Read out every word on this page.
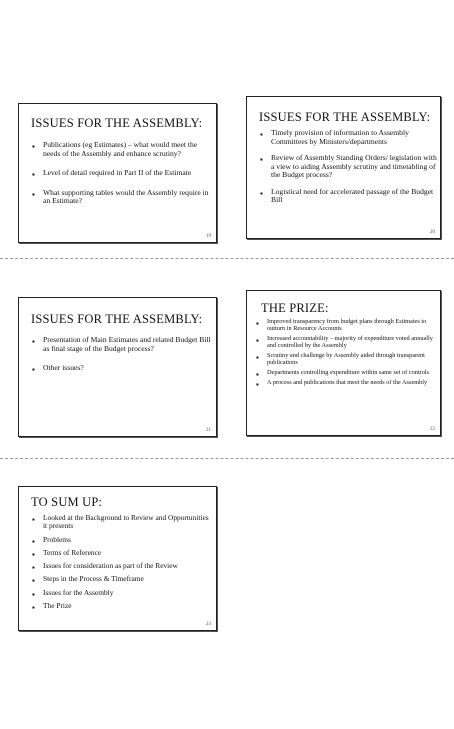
ISSUES FOR THE ASSEMBLY:
▪ Publications (eg Estimates) – what would meet the needs of the Assembly and enhance scrutiny?
▪ Level of detail required in Part II of the Estimate
▪ What supporting tables would the Assembly require in an Estimate?
19
ISSUES FOR THE ASSEMBLY:
▪ Timely provision of information to Assembly Committees by Ministers/departments
▪ Review of Assembly Standing Orders/ legislation with a view to aiding Assembly scrutiny and timetabling of the Budget process?
▪ Logistical need for accelerated passage of the Budget Bill
20
ISSUES FOR THE ASSEMBLY:
▪ Presentation of Main Estimates and related Budget Bill as final stage of the Budget process?
▪ Other issues?
21
THE PRIZE:
▪ Improved transparency from budget plans through Estimates to outturn in Resource Accounts
▪ Increased accountability – majority of expenditure voted annually and controlled by the Assembly
▪ Scrutiny and challenge by Assembly aided through transparent publications
▪ Departments controlling expenditure within same set of controls
▪ A process and publications that meet the needs of the Assembly
22
TO SUM UP:
▪ Looked at the Background to Review and Opportunities it presents
▪ Problems
▪ Terms of Reference
▪ Issues for consideration as part of the Review
▪ Steps in the Process & Timeframe
▪ Issues for the Assembly
▪ The Prize
23
